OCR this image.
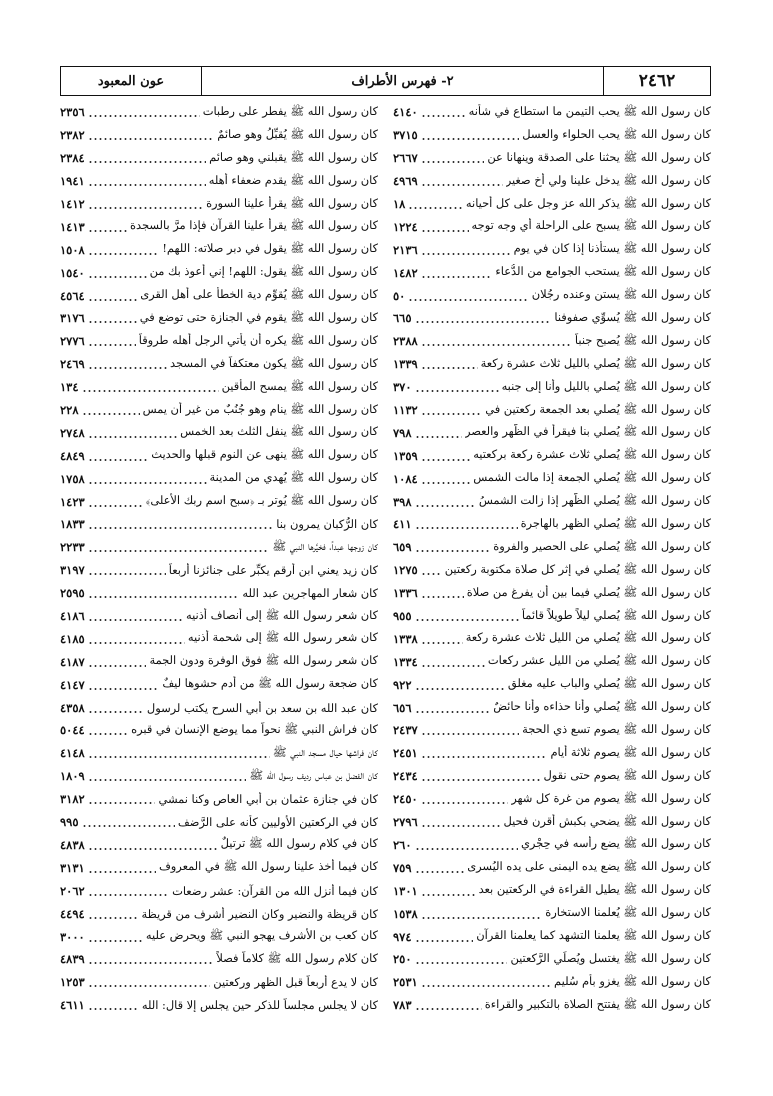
عون المعبود	٢- فهرس الأطراف	٢٤٦٢
كان رسول الله ﷺ يفطر على رطبات
٢٣٥٦
كان رسول الله ﷺ يُقبِّلُ وهو صائمٌ
٢٣٨٢
كان رسول الله ﷺ يقبلني وهو صائم
٢٣٨٤
كان رسول الله ﷺ يقدم ضعفاء أهله
١٩٤١
كان رسول الله ﷺ يقرأ علينا السورة
١٤١٢
كان رسول الله ﷺ يقرأ علينا القرآن فإذا مرَّ بالسجدة
١٤١٣
كان رسول الله ﷺ يقول في دبر صلاته: اللهم!
١٥٠٨
كان رسول الله ﷺ يقول: اللهم! إني أعوذ بك من
١٥٤٠
كان رسول الله ﷺ يُقوِّم دية الخطأ على أهل القرى
٤٥٦٤
كان رسول الله ﷺ يقوم في الجنازة حتى توضع في
٣١٧٦
كان رسول الله ﷺ يكره أن يأتي الرجل أهله طروقاً
٢٧٧٦
كان رسول الله ﷺ يكون معتكفاً في المسجد
٢٤٦٩
كان رسول الله ﷺ يمسح المأقين
١٣٤
كان رسول الله ﷺ ينام وهو جُنُبٌ من غير أن يمس
٢٢٨
كان رسول الله ﷺ ينفل الثلث بعد الخمس
٢٧٤٨
كان رسول الله ﷺ ينهى عن النوم قبلها والحديث
٤٨٤٩
كان رسول الله ﷺ يُهدي من المدينة
١٧٥٨
كان رسول الله ﷺ يُوتر بـ ﴿سبح اسم ربك الأعلى﴾
١٤٢٣
كان الرُّكبان يمرون بنا
١٨٣٣
كان زوجها عبداً، فخيَّرها النبي ﷺ
٢٢٣٣
كان زيد يعني ابن أرقم يكبِّر على جنائزنا أربعاً
٣١٩٧
كان شعار المهاجرين عبد الله
٢٥٩٥
كان شعر رسول الله ﷺ إلى أنصاف أذنيه
٤١٨٦
كان شعر رسول الله ﷺ إلى شحمة أُذنيه
٤١٨٥
كان شعر رسول الله ﷺ فوق الوفرة ودون الجمة
٤١٨٧
كان ضجعة رسول الله ﷺ من أدم حشوها ليفٌ
٤١٤٧
كان عبد الله بن سعد بن أبي السرح يكتب لرسول
٤٣٥٨
كان فراش النبي ﷺ نحواً مما يوضع الإنسان في قبره
٥٠٤٤
كان فراشها حيال مسجد النبي ﷺ
٤١٤٨
كان الفضل بن عباس رديف رسول الله ﷺ
١٨٠٩
كان في جنازة عثمان بن أبي العاص وكنا نمشي
٣١٨٢
كان في الركعتين الأوليين كأنه على الرَّضف
٩٩٥
كان في كلام رسول الله ﷺ ترتيلٌ
٤٨٣٨
كان فيما أخذ علينا رسول الله ﷺ في المعروف
٣١٣١
كان فيما أنزل الله من القرآن: عشر رضعات
٢٠٦٢
كان قريظة والنضير وكان النضير أشرف من قريظة
٤٤٩٤
كان كعب بن الأشرف يهجو النبي ﷺ ويحرض عليه
٣٠٠٠
كان كلام رسول الله ﷺ كلاماً فصلاً
٤٨٣٩
كان لا يدع أربعاً قبل الظهر وركعتين
١٢٥٣
كان لا يجلس مجلساً للذكر حين يجلس إلا قال: الله
٤٦١١
كان رسول الله ﷺ يحب التيمن ما استطاع في شأنه
٤١٤٠
كان رسول الله ﷺ يحب الحلواء والعسل
٣٧١٥
كان رسول الله ﷺ يحثنا على الصدقة وينهانا عن
٢٦٦٧
كان رسول الله ﷺ يدخل علينا ولي أخ صغير
٤٩٦٩
كان رسول الله ﷺ يذكر الله عز وجل على كل أحيانه
١٨
كان رسول الله ﷺ يسبح على الراحلة أي وجه توجه
١٢٢٤
كان رسول الله ﷺ يستأذنا إذا كان في يوم
٢١٣٦
كان رسول الله ﷺ يستحب الجوامع من الدُّعاء
١٤٨٢
كان رسول الله ﷺ يستن وعنده رجُلان
٥٠
كان رسول الله ﷺ يُسوِّي صفوفنا
٦٦٥
كان رسول الله ﷺ يُصبح جنباً
٢٣٨٨
كان رسول الله ﷺ يُصلي بالليل ثلاث عشرة ركعة
١٣٣٩
كان رسول الله ﷺ يُصلي بالليل وأنا إلى جنبه
٣٧٠
كان رسول الله ﷺ يُصلي بعد الجمعة ركعتين في
١١٣٢
كان رسول الله ﷺ يُصلي بنا فيقرأ في الظُّهر والعصر
٧٩٨
كان رسول الله ﷺ يُصلي ثلاث عشرة ركعة بركعتيه
١٣٥٩
كان رسول الله ﷺ يُصلي الجمعة إذا مالت الشمس
١٠٨٤
كان رسول الله ﷺ يُصلي الظُّهر إذا زالت الشمسُ
٣٩٨
كان رسول الله ﷺ يُصلي الظهر بالهاجرة
٤١١
كان رسول الله ﷺ يُصلي على الحصير والفروة
٦٥٩
كان رسول الله ﷺ يُصلي في إثر كل صلاة مكتوبة ركعتين
١٢٧٥
كان رسول الله ﷺ يُصلي فيما بين أن يفرغ من صلاة
١٣٣٦
كان رسول الله ﷺ يُصلي ليلاً طويلاً قائماً
٩٥٥
كان رسول الله ﷺ يُصلي من الليل ثلاث عشرة ركعة
١٣٣٨
كان رسول الله ﷺ يُصلي من الليل عشر ركعات
١٣٣٤
كان رسول الله ﷺ يُصلي والباب عليه مغلق
٩٢٢
كان رسول الله ﷺ يُصلي وأنا حذاءه وأنا حائضٌ
٦٥٦
كان رسول الله ﷺ يصوم تسع ذي الحجة
٢٤٣٧
كان رسول الله ﷺ يصوم ثلاثة أيام
٢٤٥١
كان رسول الله ﷺ يصوم حتى نقول
٢٤٣٤
كان رسول الله ﷺ يصوم من غرة كل شهر
٢٤٥٠
كان رسول الله ﷺ يضحي بكبش أقرن فحيل
٢٧٩٦
كان رسول الله ﷺ يضع رأسه في حِجْري
٢٦٠
كان رسول الله ﷺ يضع يده اليمنى على يده اليُسرى
٧٥٩
كان رسول الله ﷺ يطيل القراءة في الركعتين بعد
١٣٠١
كان رسول الله ﷺ يُعلمنا الاستخارة
١٥٣٨
كان رسول الله ﷺ يعلمنا التشهد كما يعلمنا القرآن
٩٧٤
كان رسول الله ﷺ يغتسل ويُصلِّي الرَّكعتين
٢٥٠
كان رسول الله ﷺ يغزو بأم سُليم
٢٥٣١
كان رسول الله ﷺ يفتتح الصلاة بالتكبير والقراءة
٧٨٣
